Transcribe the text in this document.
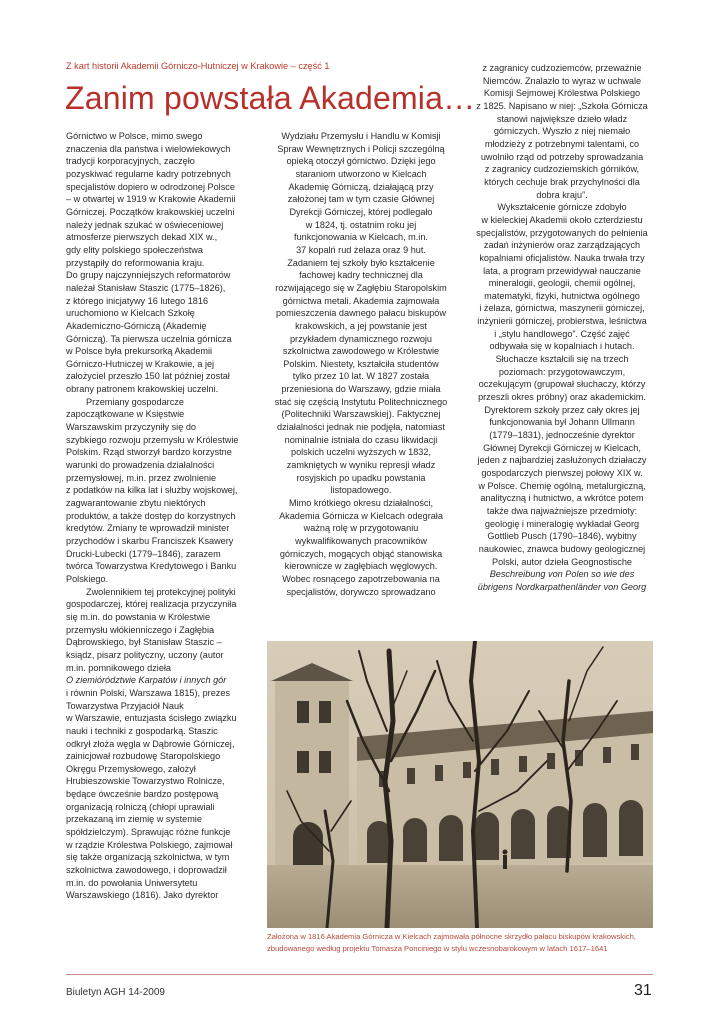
Z kart historii Akademii Górniczo-Hutniczej w Krakowie – część 1
Zanim powstała Akademia…

Górnictwo w Polsce, mimo swego

znaczenia dla państwa i wielowiekowych

tradycji korporacyjnych, zaczęło

pozyskiwać regularne kadry potrzebnych

specjalistów dopiero w odrodzonej Polsce

– w otwartej w 1919 w Krakowie Akademii

Górniczej. Początków krakowskiej uczelni

należy jednak szukać w oświeceniowej

atmosferze pierwszych dekad XIX w.,

gdy elity polskiego społeczeństwa

przystąpiły do reformowania kraju.

Do grupy najczynniejszych reformatorów

należał Stanisław Staszic (1775–1826),

z którego inicjatywy 16 lutego 1816

uruchomiono w Kielcach Szkołę

Akademiczno-Górniczą (Akademię

Górniczą). Ta pierwsza uczelnia górnicza

w Polsce była prekursorką Akademii

Górniczo-Hutniczej w Krakowie, a jej

założyciel przeszło 150 lat później został

obrany patronem krakowskiej uczelni.

Przemiany gospodarcze

zapoczątkowane w Księstwie

Warszawskim przyczyniły się do

szybkiego rozwoju przemysłu w Królestwie

Polskim. Rząd stworzył bardzo korzystne

warunki do prowadzenia działalności

przemysłowej, m.in. przez zwolnienie

z podatków na kilka lat i służby wojskowej,

zagwarantowanie zbytu niektórych

produktów, a także dostęp do korzystnych

kredytów. Zmiany te wprowadził minister

przychodów i skarbu Franciszek Ksawery

Drucki-Lubecki (1779–1846), zarazem

twórca Towarzystwa Kredytowego i Banku

Polskiego.

Zwolennikiem tej protekcyjnej polityki

gospodarczej, której realizacja przyczyniła

się m.in. do powstania w Królestwie

przemysłu włókienniczego i Zagłębia

Dąbrowskiego, był Stanisław Staszic –

ksiądz, pisarz polityczny, uczony (autor

m.in. pomnikowego dzieła

O ziemiórództwie Karpatów i innych gór

i równin Polski, Warszawa 1815), prezes

Towarzystwa Przyjaciół Nauk

w Warszawie, entuzjasta ścisłego związku

nauki i techniki z gospodarką. Staszic

odkrył złoża węgla w Dąbrowie Górniczej,

zainicjował rozbudowę Staropolskiego

Okręgu Przemysłowego, założył

Hrubieszowskie Towarzystwo Rolnicze,

będące ówcześnie bardzo postępową

organizacją rolniczą (chłopi uprawiali

przekazaną im ziemię w systemie

spółdzielczym). Sprawując różne funkcje

w rządzie Królestwa Polskiego, zajmował

się także organizacją szkolnictwa, w tym

szkolnictwa zawodowego, i doprowadził

m.in. do powołania Uniwersytetu

Warszawskiego (1816). Jako dyrektor

Wydziału Przemysłu i Handlu w Komisji

Spraw Wewnętrznych i Policji szczególną

opieką otoczył górnictwo. Dzięki jego

staraniom utworzono w Kielcach

Akademię Górniczą, działającą przy

założonej tam w tym czasie Głównej

Dyrekcji Górniczej, której podlegało

w 1824, tj. ostatnim roku jej

funkcjonowania w Kielcach, m.in.

37 kopalń rud żelaza oraz 9 hut.

Zadaniem tej szkoły było kształcenie

fachowej kadry technicznej dla

rozwijającego się w Zagłębiu Staropolskim

górnictwa metali. Akademia zajmowała

pomieszczenia dawnego pałacu biskupów

krakowskich, a jej powstanie jest

przykładem dynamicznego rozwoju

szkolnictwa zawodowego w Królestwie

Polskim. Niestety, kształciła studentów

tylko przez 10 lat. W 1827 została

przeniesiona do Warszawy, gdzie miała

stać się częścią Instytutu Politechnicznego

(Politechniki Warszawskiej). Faktycznej

działalności jednak nie podjęła, natomiast

nominalnie istniała do czasu likwidacji

polskich uczelni wyższych w 1832,

zamkniętych w wyniku represji władz

rosyjskich po upadku powstania

listopadowego.

Mimo krótkiego okresu działalności,

Akademia Górnicza w Kielcach odegrała

ważną rolę w przygotowaniu

wykwalifikowanych pracowników

górniczych, mogących objąć stanowiska

kierownicze w zagłębiach węglowych.

Wobec rosnącego zapotrzebowania na

specjalistów, dorywczo sprowadzano

z zagranicy cudzoziemców, przeważnie

Niemców. Znalazło to wyraz w uchwale

Komisji Sejmowej Królestwa Polskiego

z 1825. Napisano w niej: „Szkoła Górnicza

stanowi największe dzieło władz

górniczych. Wyszło z niej niemało

młodzieży z potrzebnymi talentami, co

uwolniło rząd od potrzeby sprowadzania

z zagranicy cudzoziemskich górników,

których cechuje brak przychylności dla

dobra kraju”.

Wykształcenie górnicze zdobyło

w kieleckiej Akademii około czterdziestu

specjalistów, przygotowanych do pełnienia

zadań inżynierów oraz zarządzających

kopalniami oficjalistów. Nauka trwała trzy

lata, a program przewidywał nauczanie

mineralogii, geologii, chemii ogólnej,

matematyki, fizyki, hutnictwa ogólnego

i żelaza, górnictwa, maszynerii górniczej,

inżynierii górniczej, probierstwa, leśnictwa

i „stylu handlowego”. Część zajęć

odbywała się w kopalniach i hutach.

Słuchacze kształcili się na trzech

poziomach: przygotowawczym,

oczekującym (grupował słuchaczy, którzy

przeszli okres próbny) oraz akademickim.

Dyrektorem szkoły przez cały okres jej

funkcjonowania był Johann Ullmann

(1779–1831), jednocześnie dyrektor

Głównej Dyrekcji Górniczej w Kielcach,

jeden z najbardziej zasłużonych działaczy

gospodarczych pierwszej połowy XIX w.

w Polsce. Chemię ogólną, metalurgiczną,

analityczną i hutnictwo, a wkrótce potem

także dwa najważniejsze przedmioty:

geologię i mineralogię wykładał Georg

Gottlieb Pusch (1790–1846), wybitny

naukowiec, znawca budowy geologicznej

Polski, autor dzieła Geognostische

Beschreibung von Polen so wie des

übrigens Nordkarpathenländer von Georg

Założona w 1816 Akademia Górnicza w Kielcach zajmowała północne skrzydło pałacu biskupów krakowskich,
zbudowanego według projektu Tomasza Ponciniego w stylu wczesnobarokowym w latach 1617–1641
Biuletyn AGH 14-2009	31
